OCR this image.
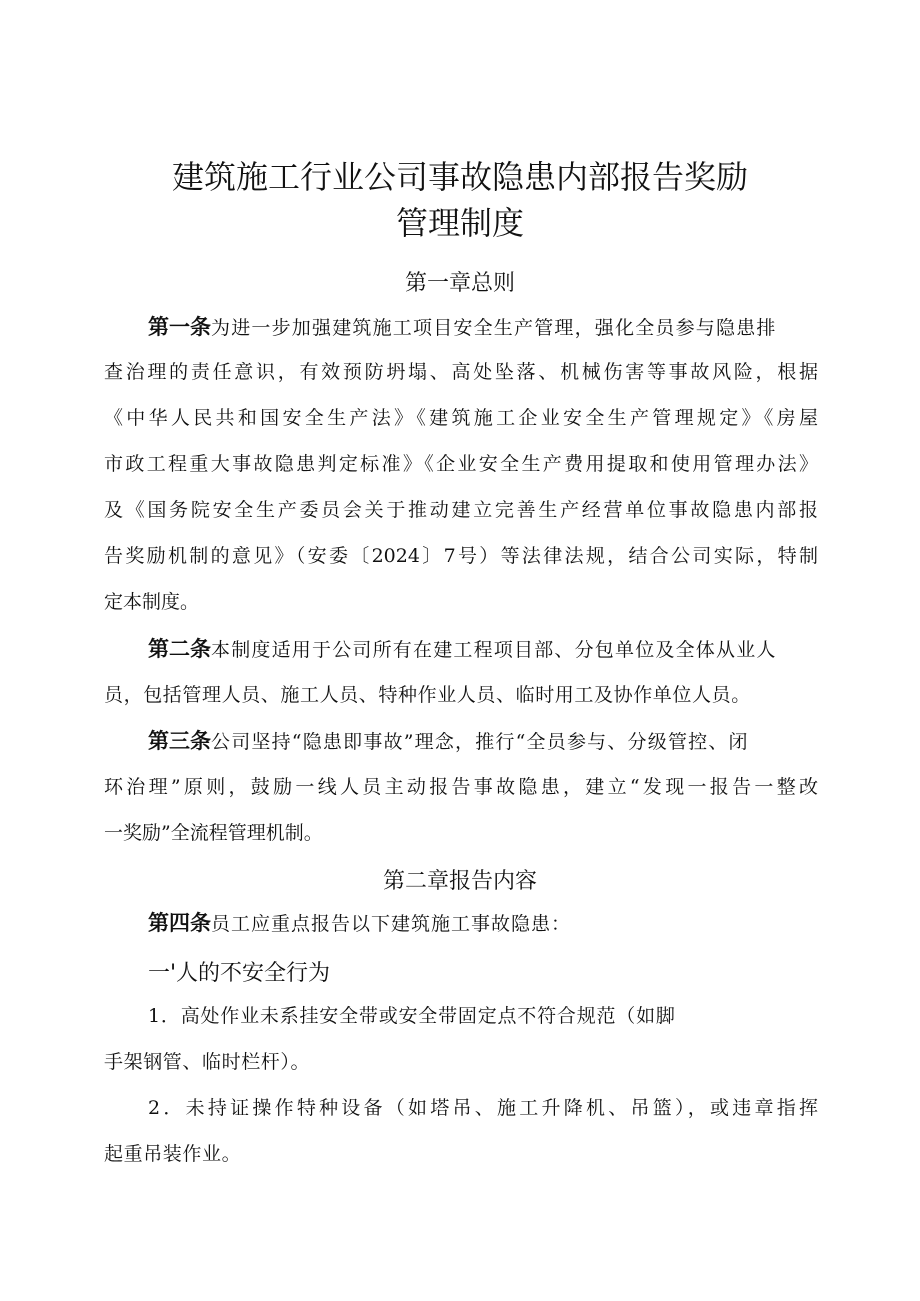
建筑施工行业公司事故隐患内部报告奖励
管理制度
第一章总则
第一条为进一步加强建筑施工项目安全生产管理，强化全员参与隐患排
查治理的责任意识，有效预防坍塌、高处坠落、机械伤害等事故风险，根据
《中华人民共和国安全生产法》《建筑施工企业安全生产管理规定》《房屋
市政工程重大事故隐患判定标准》《企业安全生产费用提取和使用管理办法》
及《国务院安全生产委员会关于推动建立完善生产经营单位事故隐患内部报
告奖励机制的意见》（安委〔2024〕7号）等法律法规，结合公司实际，特制
定本制度。
第二条本制度适用于公司所有在建工程项目部、分包单位及全体从业人
员，包括管理人员、施工人员、特种作业人员、临时用工及协作单位人员。
第三条公司坚持“隐患即事故”理念，推行“全员参与、分级管控、闭
环治理”原则，鼓励一线人员主动报告事故隐患，建立“发现一报告一整改
一奖励”全流程管理机制。
第二章报告内容
第四条员工应重点报告以下建筑施工事故隐患：
一'人的不安全行为
1．高处作业未系挂安全带或安全带固定点不符合规范（如脚
手架钢管、临时栏杆）。
2．未持证操作特种设备（如塔吊、施工升降机、吊篮），或违章指挥
起重吊装作业。
